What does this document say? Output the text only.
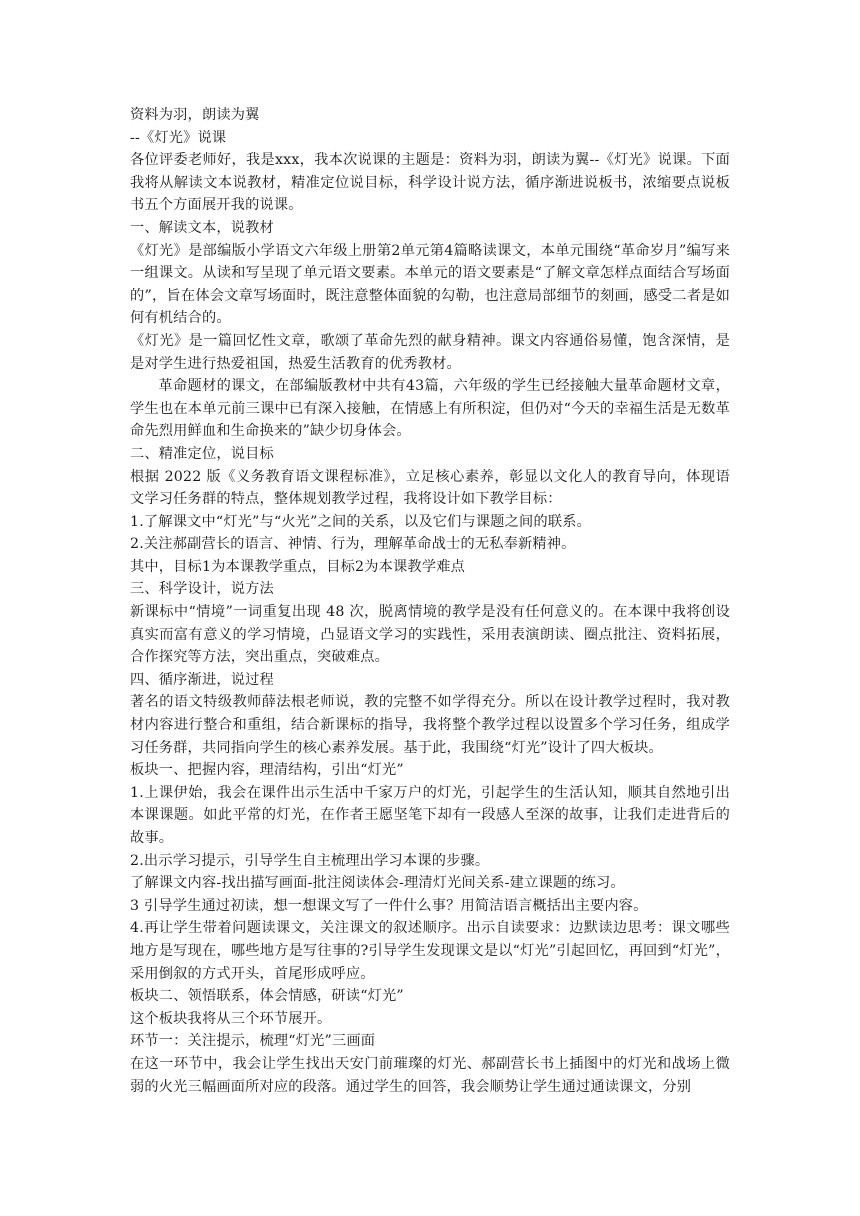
资料为羽，朗读为翼

--《灯光》说课

各位评委老师好，我是xxx，我本次说课的主题是：资料为羽，朗读为翼--《灯光》说课。下面我将从解读文本说教材，精准定位说目标，科学设计说方法，循序渐进说板书，浓缩要点说板书五个方面展开我的说课。

一、解读文本，说教材

《灯光》是部编版小学语文六年级上册第2单元第4篇略读课文，本单元围绕“革命岁月”编写来一组课文。从读和写呈现了单元语文要素。本单元的语文要素是“了解文章怎样点面结合写场面的”，旨在体会文章写场面时，既注意整体面貌的勾勒，也注意局部细节的刻画，感受二者是如何有机结合的。

《灯光》是一篇回忆性文章，歌颂了革命先烈的献身精神。课文内容通俗易懂，饱含深情，是是对学生进行热爱祖国，热爱生活教育的优秀教材。

革命题材的课文，在部编版教材中共有43篇，六年级的学生已经接触大量革命题材文章，学生也在本单元前三课中已有深入接触，在情感上有所积淀，但仍对“今天的幸福生活是无数革命先烈用鲜血和生命换来的”缺少切身体会。

二、精准定位，说目标

根据 2022 版《义务教育语文课程标准》，立足核心素养，彰显以文化人的教育导向，体现语文学习任务群的特点，整体规划教学过程，我将设计如下教学目标：

1.了解课文中“灯光”与“火光”之间的关系，以及它们与课题之间的联系。

2.关注郝副营长的语言、神情、行为，理解革命战士的无私奉新精神。

其中，目标1为本课教学重点，目标2为本课教学难点

三、科学设计，说方法

新课标中“情境”一词重复出现 48 次，脱离情境的教学是没有任何意义的。在本课中我将创设真实而富有意义的学习情境，凸显语文学习的实践性，采用表演朗读、圈点批注、资料拓展，合作探究等方法，突出重点，突破难点。

四、循序渐进，说过程

著名的语文特级教师薛法根老师说，教的完整不如学得充分。所以在设计教学过程时，我对教材内容进行整合和重组，结合新课标的指导，我将整个教学过程以设置多个学习任务，组成学习任务群，共同指向学生的核心素养发展。基于此，我围绕“灯光”设计了四大板块。

板块一、把握内容，理清结构，引出“灯光”

1.上课伊始，我会在课件出示生活中千家万户的灯光，引起学生的生活认知，顺其自然地引出本课课题。如此平常的灯光，在作者王愿坚笔下却有一段感人至深的故事，让我们走进背后的故事。

2.出示学习提示，引导学生自主梳理出学习本课的步骤。

了解课文内容-找出描写画面-批注阅读体会-理清灯光间关系-建立课题的练习。

3 引导学生通过初读，想一想课文写了一件什么事？用简洁语言概括出主要内容。

4.再让学生带着问题读课文，关注课文的叙述顺序。出示自读要求：边默读边思考：课文哪些地方是写现在，哪些地方是写往事的?引导学生发现课文是以“灯光”引起回忆，再回到“灯光”，采用倒叙的方式开头，首尾形成呼应。

板块二、领悟联系，体会情感，研读“灯光”

这个板块我将从三个环节展开。

环节一：关注提示，梳理“灯光”三画面

在这一环节中，我会让学生找出天安门前璀璨的灯光、郝副营长书上插图中的灯光和战场上微弱的火光三幅画面所对应的段落。通过学生的回答，我会顺势让学生通过通读课文，分别
